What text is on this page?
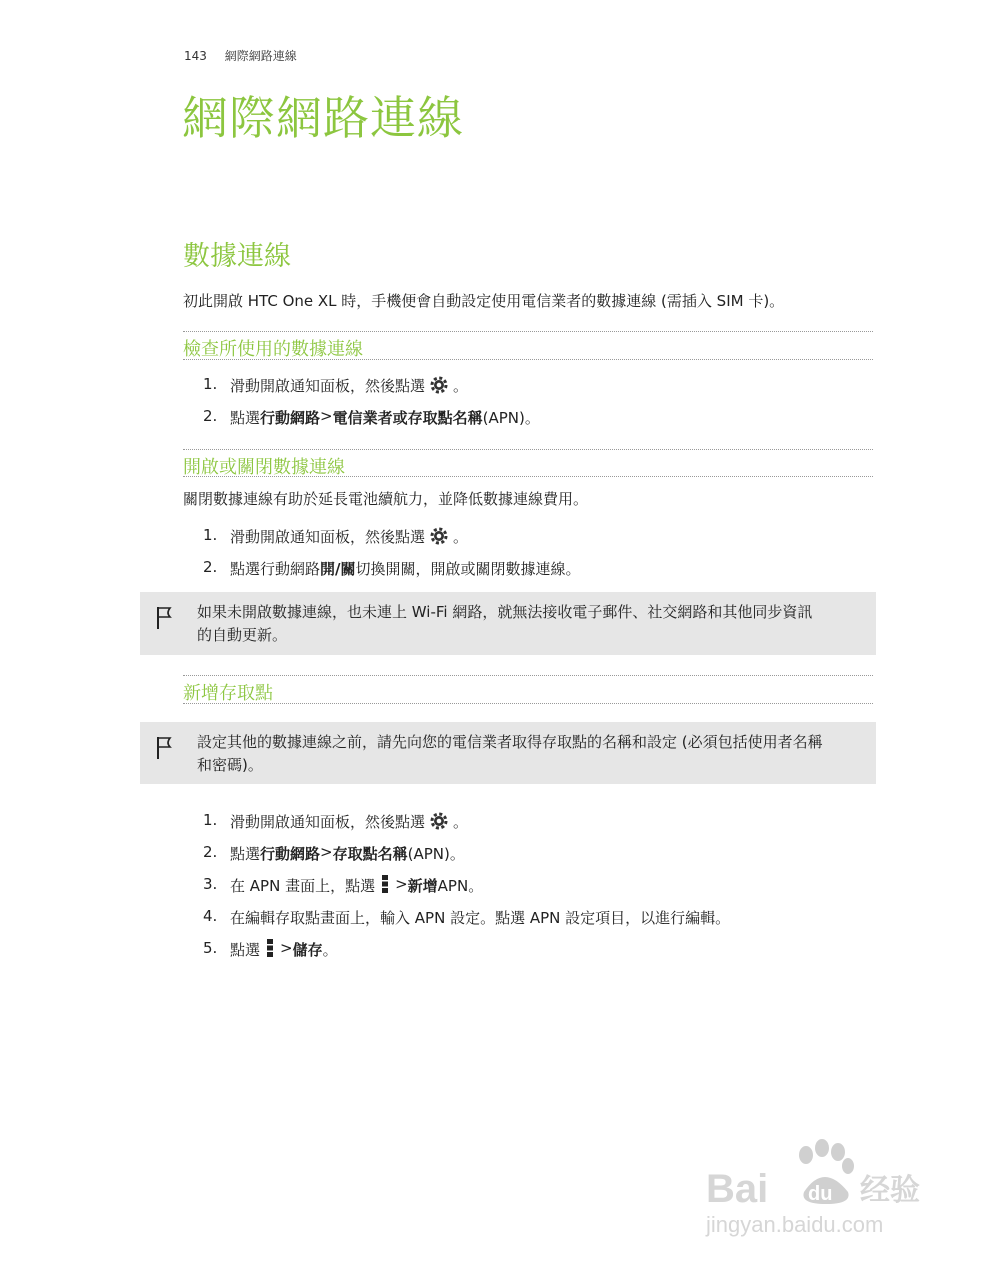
143 網際網路連線
網際網路連線
數據連線
初此開啟 HTC One XL 時，手機便會自動設定使用電信業者的數據連線 (需插入 SIM 卡)。
檢查所使用的數據連線
1. 滑動開啟通知面板，然後點選 。
2. 點選 行動網路 > 電信業者或存取點名稱 (APN)。
開啟或關閉數據連線
關閉數據連線有助於延長電池續航力，並降低數據連線費用。
1. 滑動開啟通知面板，然後點選 。
2. 點選行動網路 開/關 切換開關，開啟或關閉數據連線。
如果未開啟數據連線，也未連上 Wi-Fi 網路，就無法接收電子郵件、社交網路和其他同步資訊
的自動更新。
新增存取點
設定其他的數據連線之前，請先向您的電信業者取得存取點的名稱和設定 (必須包括使用者名稱
和密碼)。
1. 滑動開啟通知面板，然後點選 。
2. 點選 行動網路 > 存取點名稱 (APN)。
3. 在 APN 畫面上，點選 > 新增 APN。
4. 在編輯存取點畫面上，輸入 APN 設定。點選 APN 設定項目，以進行編輯。
5. 點選 > 儲存 。
Bai du 经验
jingyan.baidu.com
